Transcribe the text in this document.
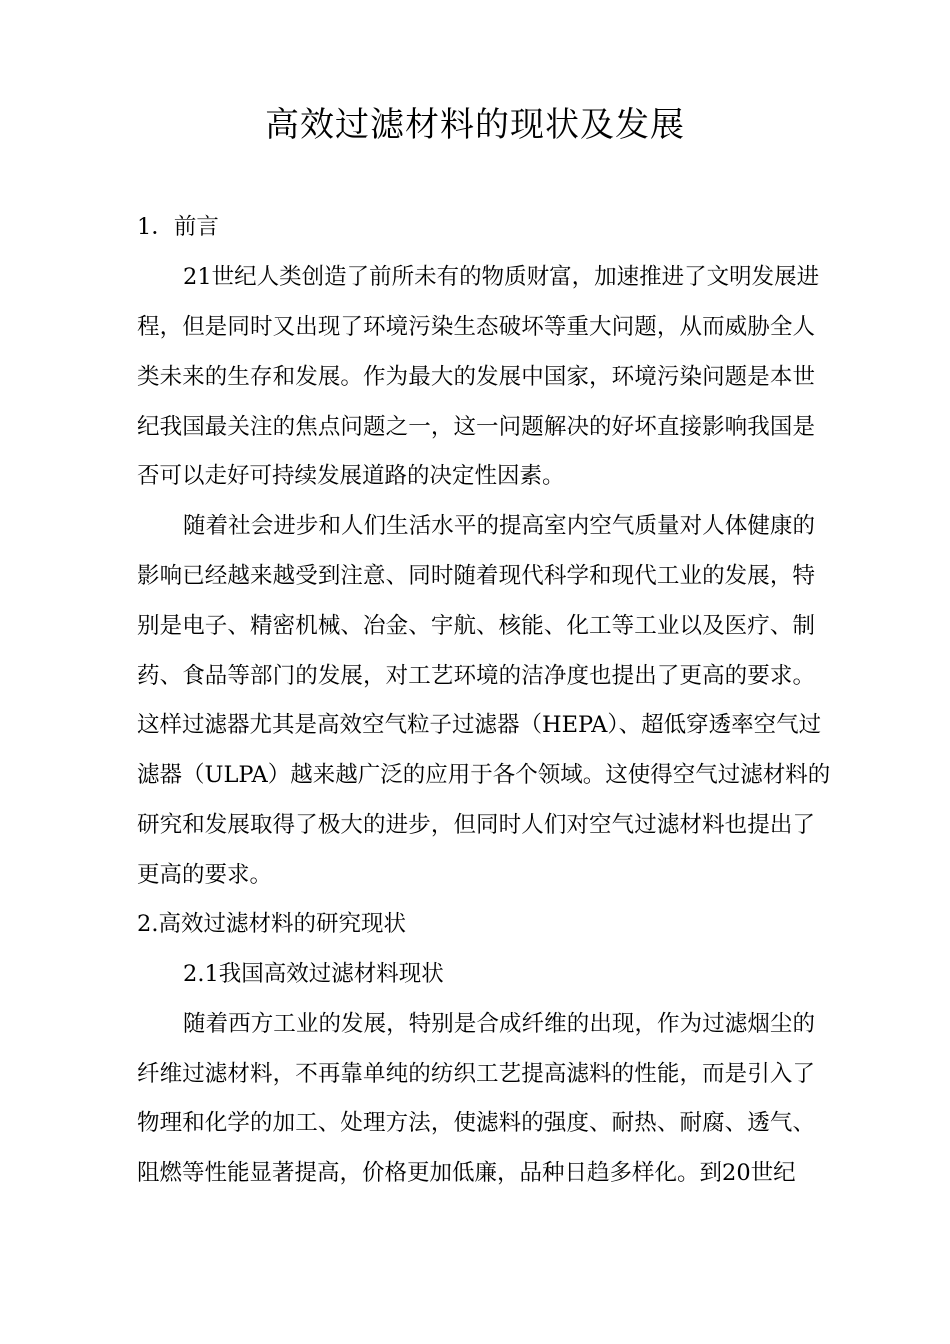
高效过滤材料的现状及发展

1．前言

21世纪人类创造了前所未有的物质财富，加速推进了文明发展进

程，但是同时又出现了环境污染生态破坏等重大问题，从而威胁全人

类未来的生存和发展。作为最大的发展中国家，环境污染问题是本世

纪我国最关注的焦点问题之一，这一问题解决的好坏直接影响我国是

否可以走好可持续发展道路的决定性因素。

随着社会进步和人们生活水平的提高室内空气质量对人体健康的

影响已经越来越受到注意、同时随着现代科学和现代工业的发展，特

别是电子、精密机械、冶金、宇航、核能、化工等工业以及医疗、制

药、食品等部门的发展，对工艺环境的洁净度也提出了更高的要求。

这样过滤器尤其是高效空气粒子过滤器（HEPA）、超低穿透率空气过

滤器（ULPA）越来越广泛的应用于各个领域。这使得空气过滤材料的

研究和发展取得了极大的进步，但同时人们对空气过滤材料也提出了

更高的要求。

2.高效过滤材料的研究现状

2.1我国高效过滤材料现状

随着西方工业的发展，特别是合成纤维的出现，作为过滤烟尘的

纤维过滤材料，不再靠单纯的纺织工艺提高滤料的性能，而是引入了

物理和化学的加工、处理方法，使滤料的强度、耐热、耐腐、透气、

阻燃等性能显著提高，价格更加低廉，品种日趋多样化。到20世纪
